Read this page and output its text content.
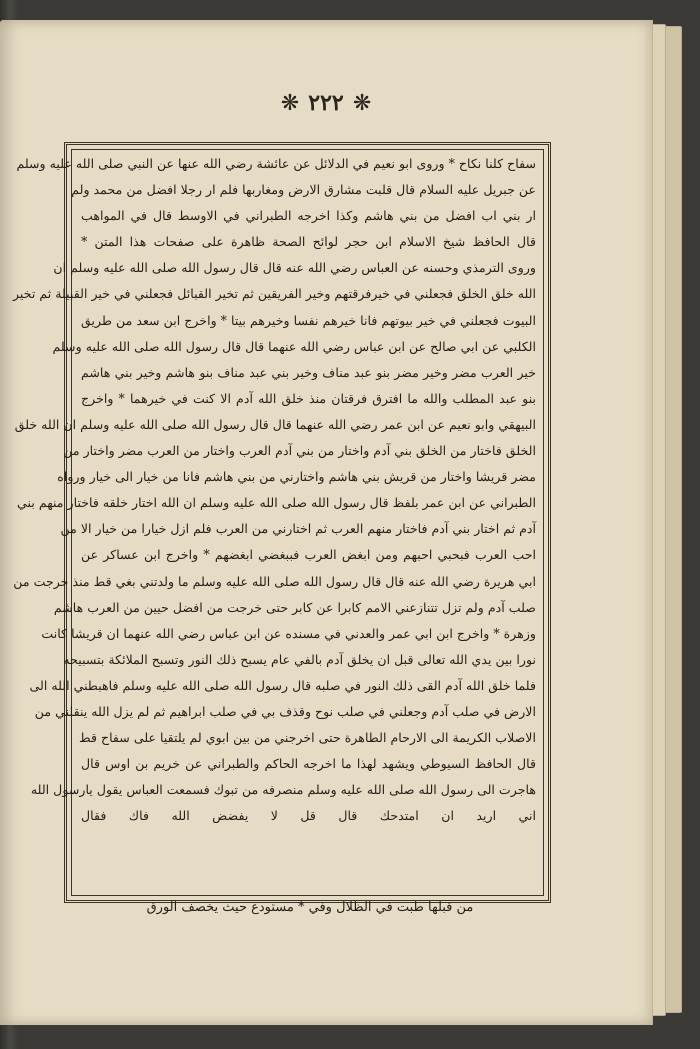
❋ ٢٢٢ ❋
سفاح كلنا نكاح * وروى ابو نعيم في الدلائل عن عائشة رضي الله عنها عن النبي صلى الله عليه وسلم
عن جبريل عليه السلام قال قلبت مشارق الارض ومغاربها فلم ار رجلا افضل من محمد ولم
ار بني اب افضل من بني هاشم وكذا اخرجه الطبراني في الاوسط قال في المواهب
قال الحافظ شيخ الاسلام ابن حجر لوائح الصحة ظاهرة على صفحات هذا المتن *
وروى الترمذي وحسنه عن العباس رضي الله عنه قال قال رسول الله صلى الله عليه وسلم ان
الله خلق الخلق فجعلني في خيرفرقتهم وخير الفريقين ثم تخير القبائل فجعلني في خير القبيلة ثم تخير
البيوت فجعلني في خير بيوتهم فانا خيرهم نفسا وخيرهم بيتا * واخرج ابن سعد من طريق
الكلبي عن ابي صالح عن ابن عباس رضي الله عنهما قال قال رسول الله صلى الله عليه وسلم
خير العرب مضر وخير مضر بنو عبد مناف وخير بني عبد مناف بنو هاشم وخير بني هاشم
بنو عبد المطلب والله ما افترق فرقتان منذ خلق الله آدم الا كنت في خيرهما * واخرج
البيهقي وابو نعيم عن ابن عمر رضي الله عنهما قال قال رسول الله صلى الله عليه وسلم ان الله خلق
الخلق فاختار من الخلق بني آدم واختار من بني آدم العرب واختار من العرب مضر واختار من
مضر قريشا واختار من قريش بني هاشم واختارني من بني هاشم فانا من خيار الى خيار ورواه
الطبراني عن ابن عمر بلفظ قال رسول الله صلى الله عليه وسلم ان الله اختار خلقه فاختار منهم بني
آدم ثم اختار بني آدم فاختار منهم العرب ثم اختارني من العرب فلم ازل خيارا من خيار الا من
احب العرب فبحبي احبهم ومن ابغض العرب فببغضي ابغضهم * واخرج ابن عساكر عن
ابي هريرة رضي الله عنه قال قال رسول الله صلى الله عليه وسلم ما ولدتني بغي قط منذ خرجت من
صلب آدم ولم تزل تتنازعني الامم كابرا عن كابر حتى خرجت من افضل حيين من العرب هاشم
وزهرة * واخرج ابن ابي عمر والعدني في مسنده عن ابن عباس رضي الله عنهما ان قريشا كانت
نورا بين يدي الله تعالى قبل ان يخلق آدم بالفي عام يسبح ذلك النور وتسبح الملائكة بتسبيحه
فلما خلق الله آدم القى ذلك النور في صلبه قال رسول الله صلى الله عليه وسلم فاهبطني الله الى
الارض في صلب آدم وجعلني في صلب نوح وقذف بي في صلب ابراهيم ثم لم يزل الله ينقلني من
الاصلاب الكريمة الى الارحام الطاهرة حتى اخرجني من بين ابوي لم يلتقيا على سفاح قط
قال الحافظ السيوطي ويشهد لهذا ما اخرجه الحاكم والطبراني عن خريم بن اوس قال
هاجرت الى رسول الله صلى الله عليه وسلم منصرفه من تبوك فسمعت العباس يقول يارسول الله
اني اريد ان امتدحك قال قل لا يفضض الله فاك فقال
من قبلها طبت في الظلال وفي * مستودع حيث يخصف الورق
